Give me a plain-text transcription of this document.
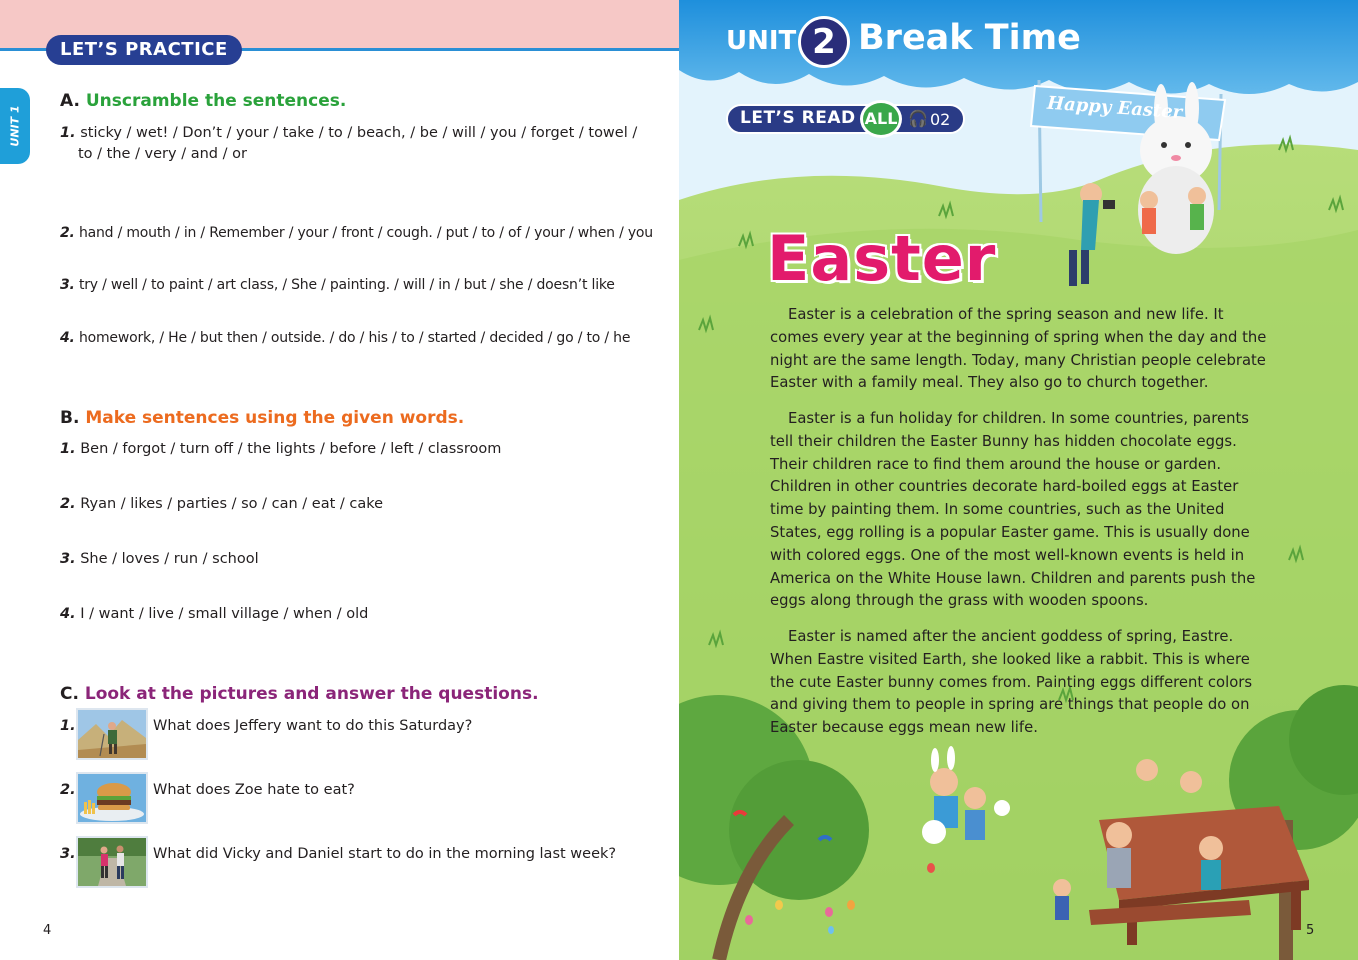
LET’S PRACTICE
UNIT 1
A. Unscramble the sentences.
1. sticky / wet! / Don’t / your / take / to / beach, / be / will / you / forget / towel /
to / the / very / and / or
2. hand / mouth / in / Remember / your / front / cough. / put / to / of / your / when / you
3. try / well / to paint / art class, / She / painting. / will / in / but / she / doesn’t like
4. homework, / He / but then / outside. / do / his / to / started / decided / go / to / he
B. Make sentences using the given words.
1. Ben / forgot / turn off / the lights / before / left / classroom
2. Ryan / likes / parties / so / can / eat / cake
3. She / loves / run / school
4. I / want / live / small village / when / old
C. Look at the pictures and answer the questions.
1.	What does Jeffery want to do this Saturday?
2.	What does Zoe hate to eat?
3.	What did Vicky and Daniel start to do in the morning last week?
4
UNIT 2 Break Time
LET’S READ ALL 🎧 02	Happy Easter
Easter
Easter is a celebration of the spring season and new life. It comes every year at the beginning of spring when the day and the night are the same length. Today, many Christian people celebrate Easter with a family meal. They also go to church together.
Easter is a fun holiday for children. In some countries, parents tell their children the Easter Bunny has hidden chocolate eggs. Their children race to find them around the house or garden. Children in other countries decorate hard-boiled eggs at Easter time by painting them. In some countries, such as the United States, egg rolling is a popular Easter game. This is usually done with colored eggs. One of the most well-known events is held in America on the White House lawn. Children and parents push the eggs along through the grass with wooden spoons.
Easter is named after the ancient goddess of spring, Eastre. When Eastre visited Earth, she looked like a rabbit. This is where the cute Easter bunny comes from. Painting eggs different colors and giving them to people in spring are things that people do on Easter because eggs mean new life.
5
